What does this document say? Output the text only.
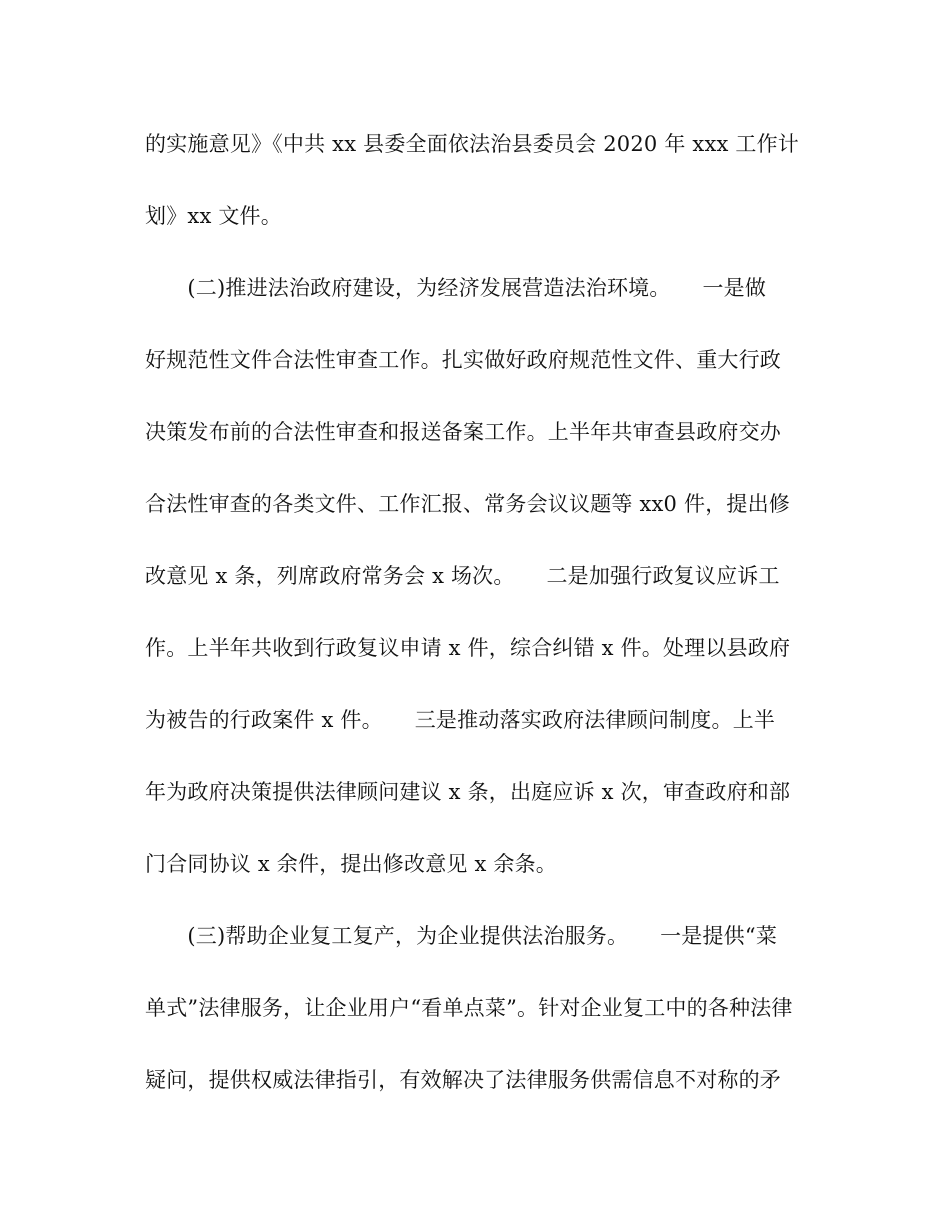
的实施意见》《中共 xx 县委全面依法治县委员会 2020 年 xxx 工作计
划》xx 文件。
　　(二)推进法治政府建设，为经济发展营造法治环境。　　一是做
好规范性文件合法性审查工作。扎实做好政府规范性文件、重大行政
决策发布前的合法性审查和报送备案工作。上半年共审查县政府交办
合法性审查的各类文件、工作汇报、常务会议议题等 xx0 件，提出修
改意见 x 条，列席政府常务会 x 场次。　　二是加强行政复议应诉工
作。上半年共收到行政复议申请 x 件，综合纠错 x 件。处理以县政府
为被告的行政案件 x 件。　　三是推动落实政府法律顾问制度。上半
年为政府决策提供法律顾问建议 x 条，出庭应诉 x 次，审查政府和部
门合同协议 x 余件，提出修改意见 x 余条。
　　(三)帮助企业复工复产，为企业提供法治服务。　　一是提供“菜
单式”法律服务，让企业用户“看单点菜”。针对企业复工中的各种法律
疑问，提供权威法律指引，有效解决了法律服务供需信息不对称的矛
